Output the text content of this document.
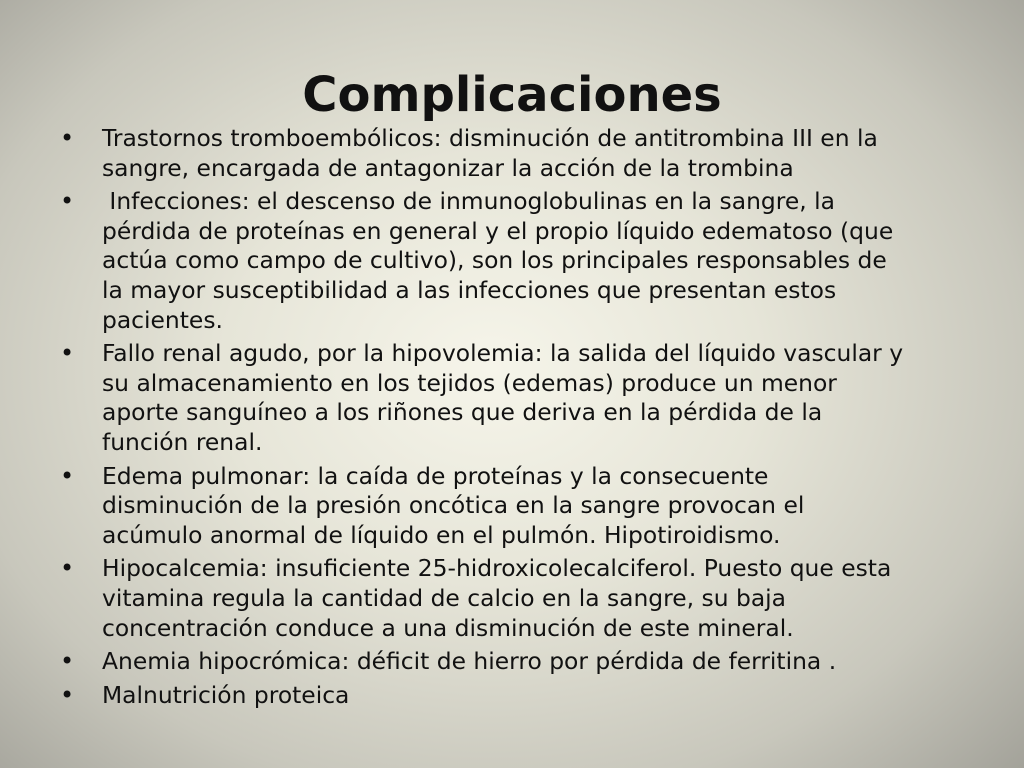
Complicaciones
• Trastornos tromboembólicos: disminución de antitrombina III en la
sangre, encargada de antagonizar la acción de la trombina
• Infecciones: el descenso de inmunoglobulinas en la sangre, la
pérdida de proteínas en general y el propio líquido edematoso (que
actúa como campo de cultivo), son los principales responsables de
la mayor susceptibilidad a las infecciones que presentan estos
pacientes.
• Fallo renal agudo, por la hipovolemia: la salida del líquido vascular y
su almacenamiento en los tejidos (edemas) produce un menor
aporte sanguíneo a los riñones que deriva en la pérdida de la
función renal.
• Edema pulmonar: la caída de proteínas y la consecuente
disminución de la presión oncótica en la sangre provocan el
acúmulo anormal de líquido en el pulmón. Hipotiroidismo.
• Hipocalcemia: insuficiente 25-hidroxicolecalciferol. Puesto que esta
vitamina regula la cantidad de calcio en la sangre, su baja
concentración conduce a una disminución de este mineral.
• Anemia hipocrómica: déficit de hierro por pérdida de ferritina .
• Malnutrición proteica
